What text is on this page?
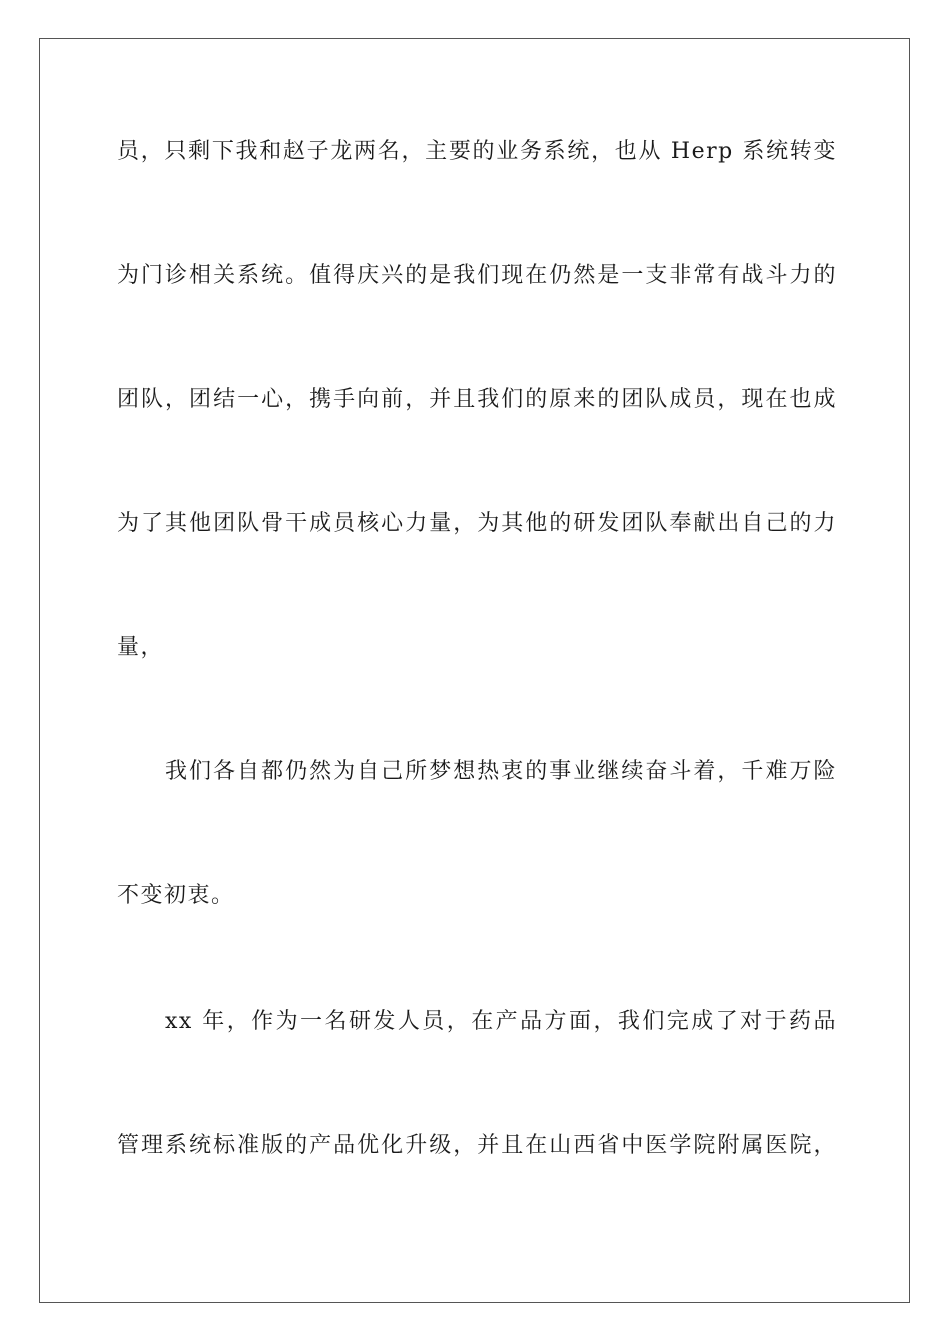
员，只剩下我和赵子龙两名，主要的业务系统，也从 Herp 系统转变
为门诊相关系统。值得庆兴的是我们现在仍然是一支非常有战斗力的
团队，团结一心，携手向前，并且我们的原来的团队成员，现在也成
为了其他团队骨干成员核心力量，为其他的研发团队奉献出自己的力
量，
我们各自都仍然为自己所梦想热衷的事业继续奋斗着，千难万险
不变初衷。
xx 年，作为一名研发人员，在产品方面，我们完成了对于药品
管理系统标准版的产品优化升级，并且在山西省中医学院附属医院，
